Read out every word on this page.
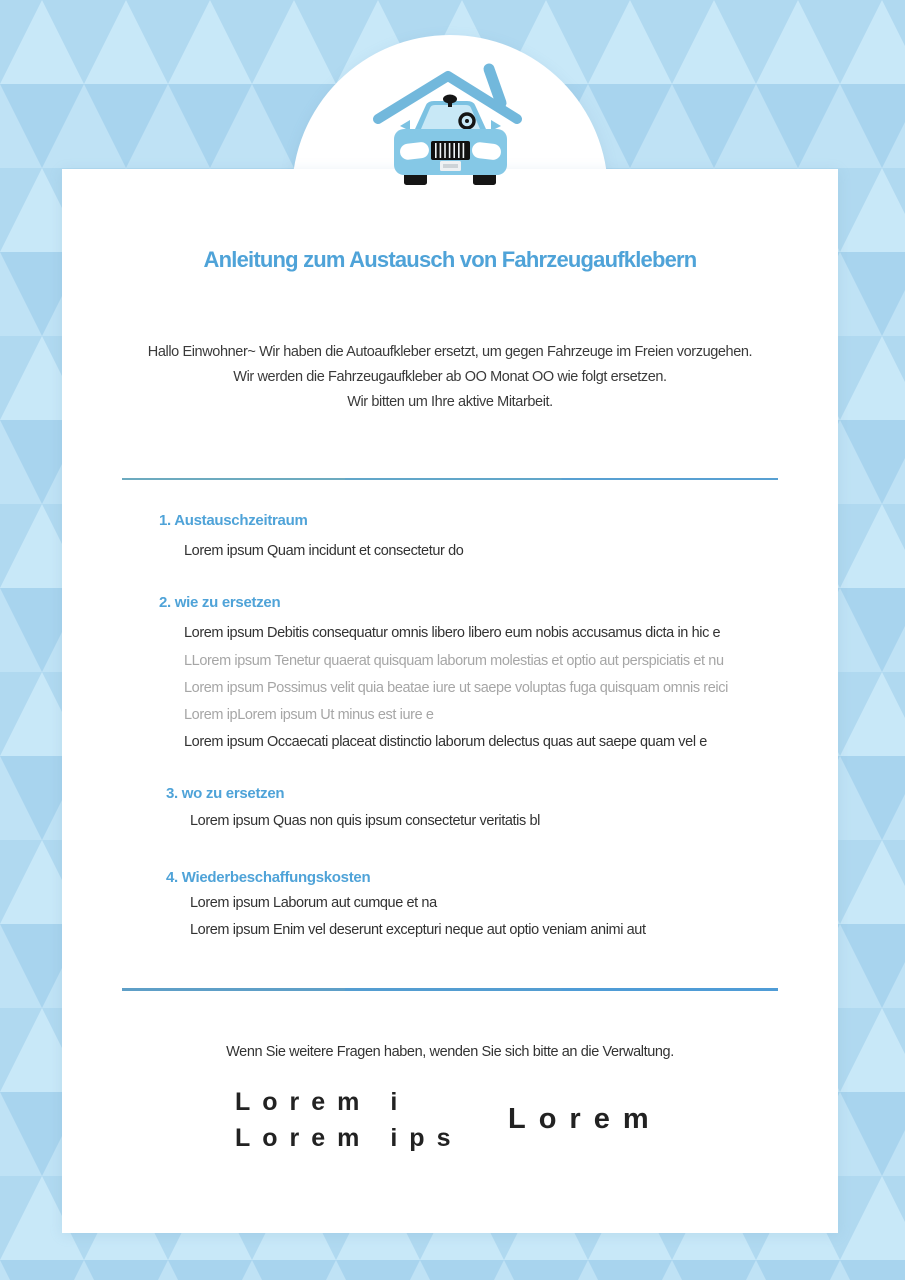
Anleitung zum Austausch von Fahrzeugaufklebern
Hallo Einwohner~ Wir haben die Autoaufkleber ersetzt, um gegen Fahrzeuge im Freien vorzugehen.
Wir werden die Fahrzeugaufkleber ab OO Monat OO wie folgt ersetzen.
Wir bitten um Ihre aktive Mitarbeit.
1. Austauschzeitraum
Lorem ipsum Quam incidunt et consectetur do
2. wie zu ersetzen
Lorem ipsum Debitis consequatur omnis libero libero eum nobis accusamus dicta in hic e
LLorem ipsum Tenetur quaerat quisquam laborum molestias et optio aut perspiciatis et nu
Lorem ipsum Possimus velit quia beatae iure ut saepe voluptas fuga quisquam omnis reici
Lorem ipLorem ipsum Ut minus est iure e
Lorem ipsum Occaecati placeat distinctio laborum delectus quas aut saepe quam vel e
3. wo zu ersetzen
Lorem ipsum Quas non quis ipsum consectetur veritatis bl
4. Wiederbeschaffungskosten
Lorem ipsum Laborum aut cumque et na
Lorem ipsum Enim vel deserunt excepturi neque aut optio veniam animi aut
Wenn Sie weitere Fragen haben, wenden Sie sich bitte an die Verwaltung.
Lorem i
Lorem ips
Lorem
